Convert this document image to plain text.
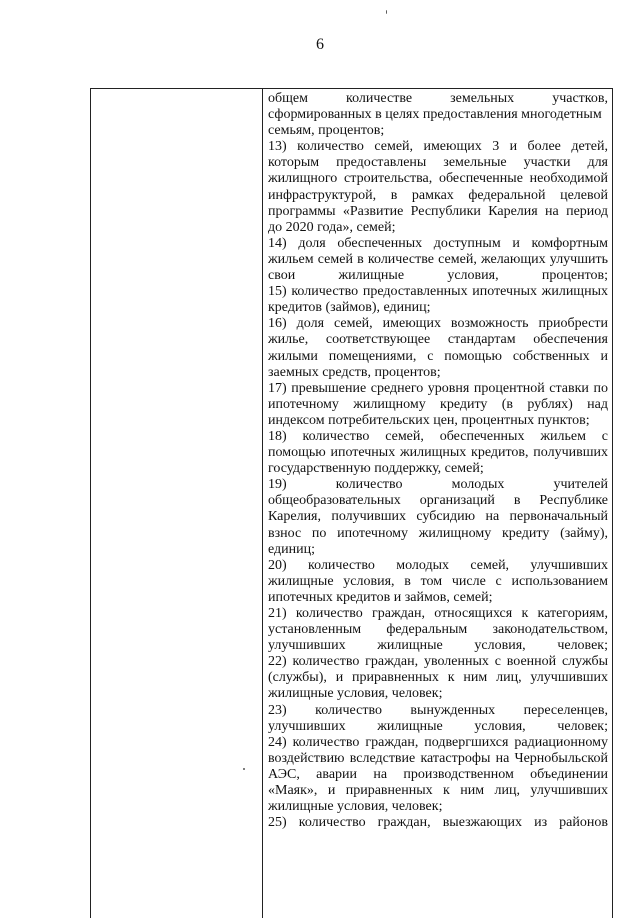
6
общем количестве земельных участков,
сформированных в целях предоставления многодетным
семьям, процентов;
13) количество семей, имеющих 3 и более детей,
которым предоставлены земельные участки для
жилищного строительства, обеспеченные необходимой
инфраструктурой, в рамках федеральной целевой
программы «Развитие Республики Карелия на период
до 2020 года», семей;
14) доля обеспеченных доступным и комфортным
жильем семей в количестве семей, желающих улучшить
свои жилищные условия, процентов;
15) количество предоставленных ипотечных жилищных
кредитов (займов), единиц;
16) доля семей, имеющих возможность приобрести
жилье, соответствующее стандартам обеспечения
жилыми помещениями, с помощью собственных и
заемных средств, процентов;
17) превышение среднего уровня процентной ставки по
ипотечному жилищному кредиту (в рублях) над
индексом потребительских цен, процентных пунктов;
18) количество семей, обеспеченных жильем с
помощью ипотечных жилищных кредитов, получивших
государственную поддержку, семей;
19) количество молодых учителей
общеобразовательных организаций в Республике
Карелия, получивших субсидию на первоначальный
взнос по ипотечному жилищному кредиту (займу),
единиц;
20) количество молодых семей, улучшивших
жилищные условия, в том числе с использованием
ипотечных кредитов и займов, семей;
21) количество граждан, относящихся к категориям,
установленным федеральным законодательством,
улучшивших жилищные условия, человек;
22) количество граждан, уволенных с военной службы
(службы), и приравненных к ним лиц, улучшивших
жилищные условия, человек;
23) количество вынужденных переселенцев,
улучшивших жилищные условия, человек;
24) количество граждан, подвергшихся радиационному
воздействию вследствие катастрофы на Чернобыльской
АЭС, аварии на производственном объединении
«Маяк», и приравненных к ним лиц, улучшивших
жилищные условия, человек;
25) количество граждан, выезжающих из районов
